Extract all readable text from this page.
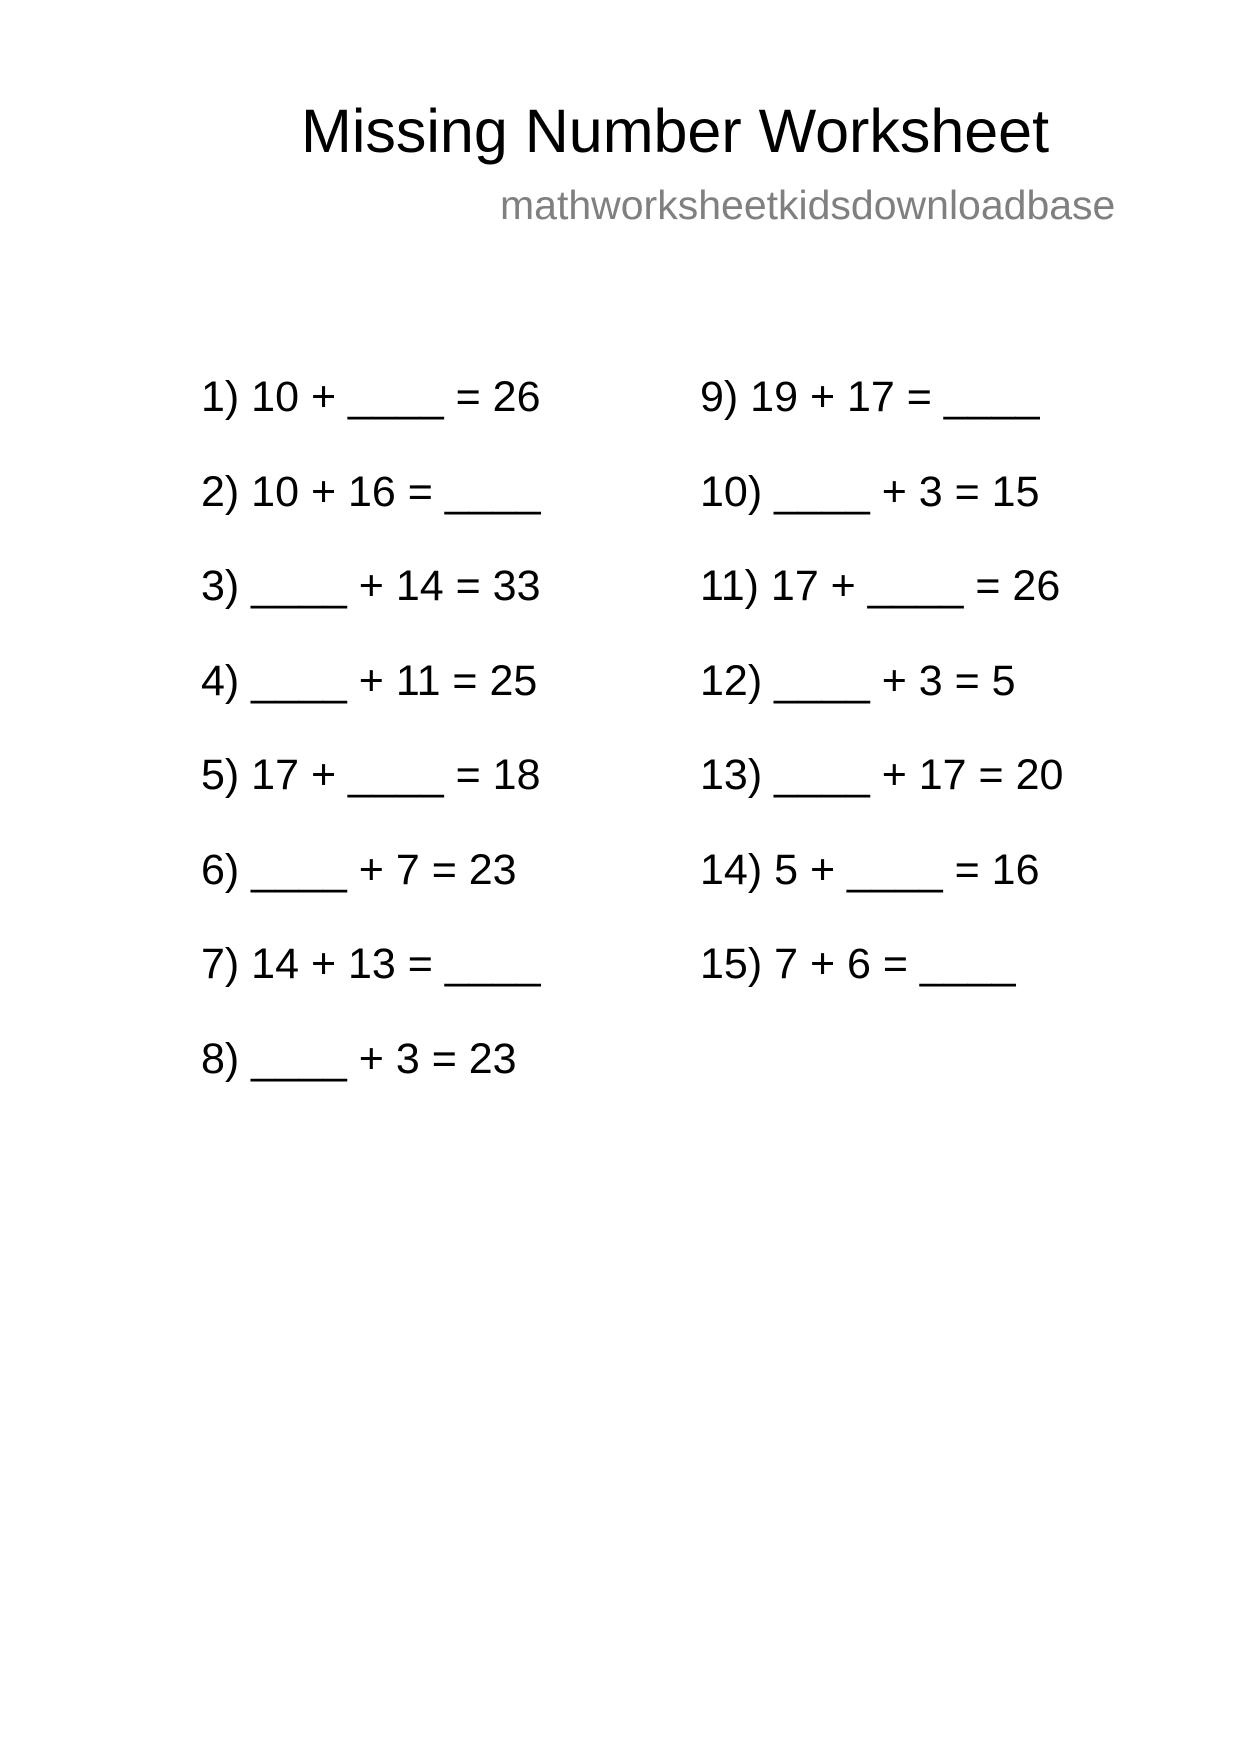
Missing Number Worksheet
mathworksheetkidsdownloadbase
1) 10 + ____ = 26
2) 10 + 16 = ____
3) ____ + 14 = 33
4) ____ + 11 = 25
5) 17 + ____ = 18
6) ____ + 7 = 23
7) 14 + 13 = ____
8) ____ + 3 = 23
9) 19 + 17 = ____
10) ____ + 3 = 15
11) 17 + ____ = 26
12) ____ + 3 = 5
13) ____ + 17 = 20
14) 5 + ____ = 16
15) 7 + 6 = ____
